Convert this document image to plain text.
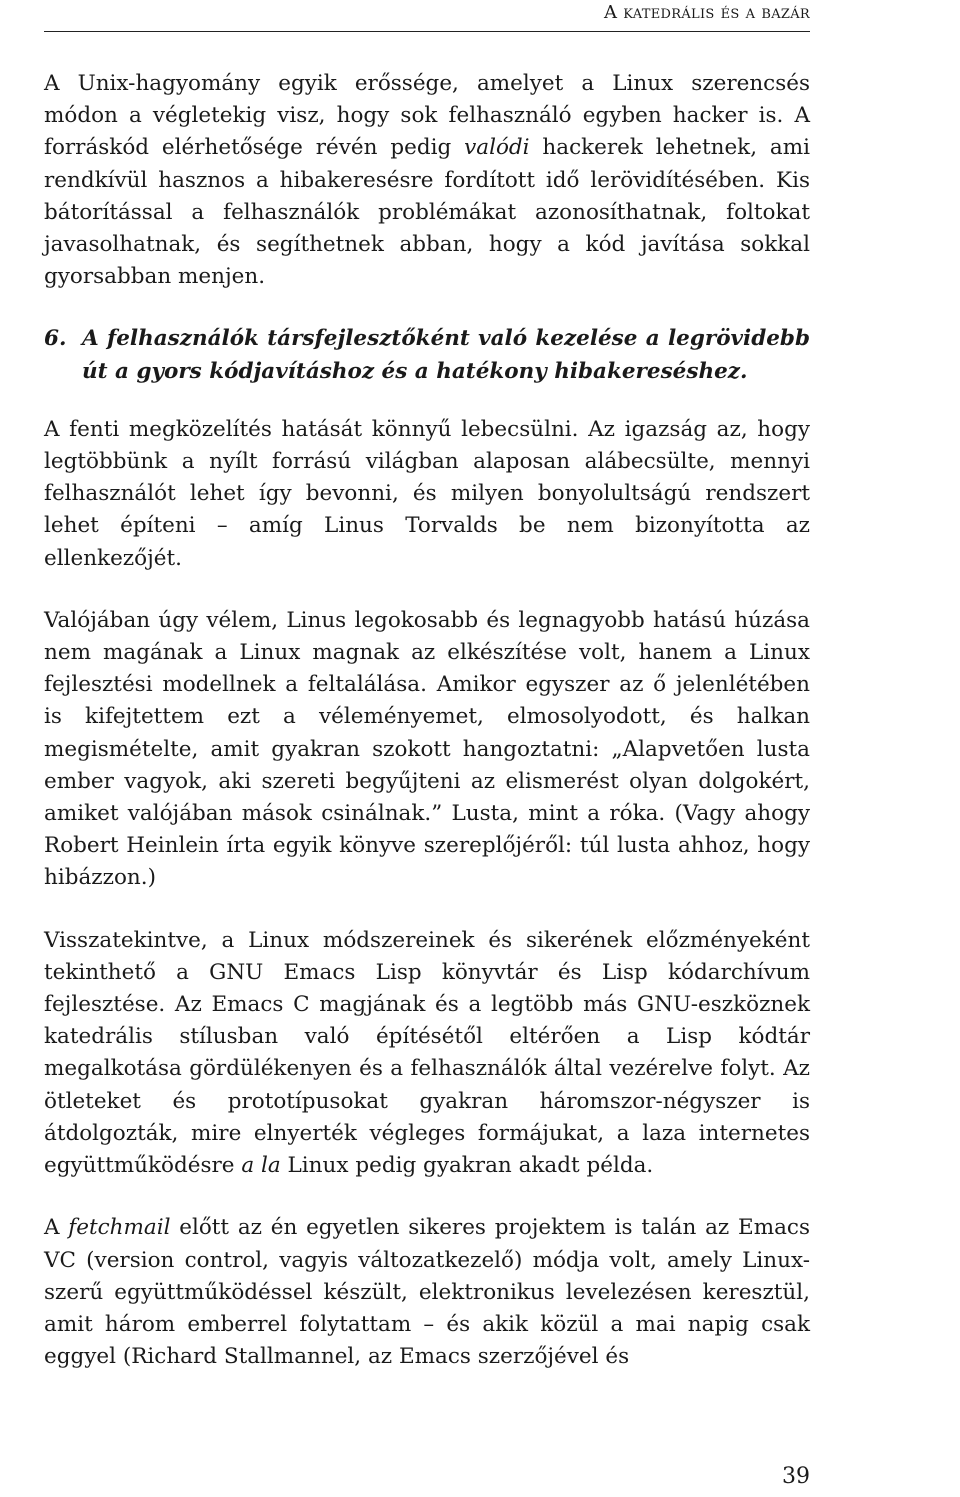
A katedrális és a bazár

A Unix-hagyomány egyik erőssége, amelyet a Linux szerencsés módon a végletekig visz, hogy sok felhasználó egyben hacker is. A forráskód elérhetősége révén pedig valódi hackerek lehetnek, ami rendkívül hasznos a hibakeresésre fordított idő lerövidítésében. Kis bátorítással a felhasználók problémákat azonosíthatnak, foltokat javasolhatnak, és segíthetnek abban, hogy a kód javítása sokkal gyorsabban menjen.

6. A felhasználók társfejlesztőként való kezelése a legrövidebb út a gyors kódjavításhoz és a hatékony hibakereséshez.

A fenti megközelítés hatását könnyű lebecsülni. Az igazság az, hogy legtöbbünk a nyílt forrású világban alaposan alábecsülte, mennyi felhasználót lehet így bevonni, és milyen bonyolultságú rendszert lehet építeni – amíg Linus Torvalds be nem bizonyította az ellenkezőjét.

Valójában úgy vélem, Linus legokosabb és legnagyobb hatású húzása nem magának a Linux magnak az elkészítése volt, hanem a Linux fejlesztési modellnek a feltalálása. Amikor egyszer az ő jelenlétében is kifejtettem ezt a véleményemet, elmosolyodott, és halkan megismételte, amit gyakran szokott hangoztatni: „Alapvetően lusta ember vagyok, aki szereti begyűjteni az elismerést olyan dolgokért, amiket valójában mások csinálnak.” Lusta, mint a róka. (Vagy ahogy Robert Heinlein írta egyik könyve szereplőjéről: túl lusta ahhoz, hogy hibázzon.)

Visszatekintve, a Linux módszereinek és sikerének előzményeként tekinthető a GNU Emacs Lisp könyvtár és Lisp kódarchívum fejlesztése. Az Emacs C magjának és a legtöbb más GNU-eszköznek katedrális stílusban való építésétől eltérően a Lisp kódtár megalkotása gördülékenyen és a felhasználók által vezérelve folyt. Az ötleteket és prototípusokat gyakran háromszor-négyszer is átdolgozták, mire elnyerték végleges formájukat, a laza internetes együttműködésre a la Linux pedig gyakran akadt példa.

A fetchmail előtt az én egyetlen sikeres projektem is talán az Emacs VC (version control, vagyis változatkezelő) módja volt, amely Linux-szerű együttműködéssel készült, elektronikus levelezésen keresztül, amit három emberrel folytattam – és akik közül a mai napig csak eggyel (Richard Stallmannel, az Emacs szerzőjével és

39
